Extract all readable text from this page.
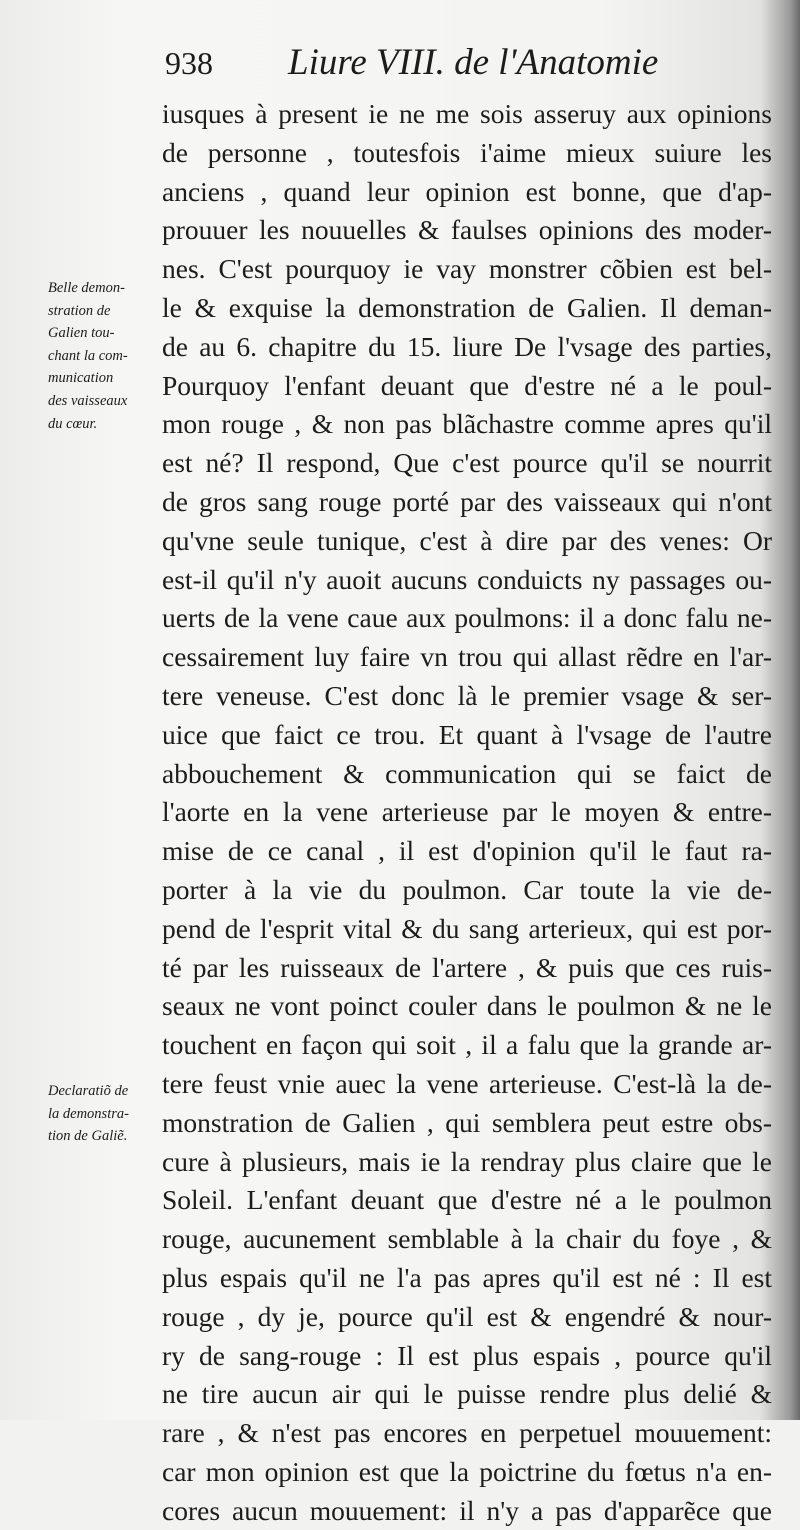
938 Liure VIII. de l'Anatomie
iusques à present ie ne me sois asseruy aux opinions
de personne , toutesfois i'aime mieux suiure les
anciens , quand leur opinion est bonne, que d'ap-
prouuer les nouuelles & faulses opinions des moder-
nes. C'est pourquoy ie vay monstrer cõbien est bel-
le & exquise la demonstration de Galien. Il deman-
de au 6. chapitre du 15. liure De l'vsage des parties,
Pourquoy l'enfant deuant que d'estre né a le poul-
mon rouge , & non pas blãchastre comme apres qu'il
est né? Il respond, Que c'est pource qu'il se nourrit
de gros sang rouge porté par des vaisseaux qui n'ont
qu'vne seule tunique, c'est à dire par des venes: Or
est-il qu'il n'y auoit aucuns conduicts ny passages ou-
uerts de la vene caue aux poulmons: il a donc falu ne-
cessairement luy faire vn trou qui allast rẽdre en l'ar-
tere veneuse. C'est donc là le premier vsage & ser-
uice que faict ce trou. Et quant à l'vsage de l'autre
abbouchement & communication qui se faict de
l'aorte en la vene arterieuse par le moyen & entre-
mise de ce canal , il est d'opinion qu'il le faut ra-
porter à la vie du poulmon. Car toute la vie de-
pend de l'esprit vital & du sang arterieux, qui est por-
té par les ruisseaux de l'artere , & puis que ces ruis-
seaux ne vont poinct couler dans le poulmon & ne le
touchent en façon qui soit , il a falu que la grande ar-
tere feust vnie auec la vene arterieuse. C'est-là la de-
monstration de Galien , qui semblera peut estre obs-
cure à plusieurs, mais ie la rendray plus claire que le
Soleil. L'enfant deuant que d'estre né a le poulmon
rouge, aucunement semblable à la chair du foye , &
plus espais qu'il ne l'a pas apres qu'il est né : Il est
rouge , dy je, pource qu'il est & engendré & nour-
ry de sang-rouge : Il est plus espais , pource qu'il
ne tire aucun air qui le puisse rendre plus delié &
rare , & n'est pas encores en perpetuel mouuement:
car mon opinion est que la poictrine du fœtus n'a en-
cores aucun mouuement: il n'y a pas d'apparẽce que
Belle demon-
stration de
Galien tou-
chant la com-
munication
des vaisseaux
du cœur.
Declaratiõ de
la demonstra-
tion de Galiẽ.
